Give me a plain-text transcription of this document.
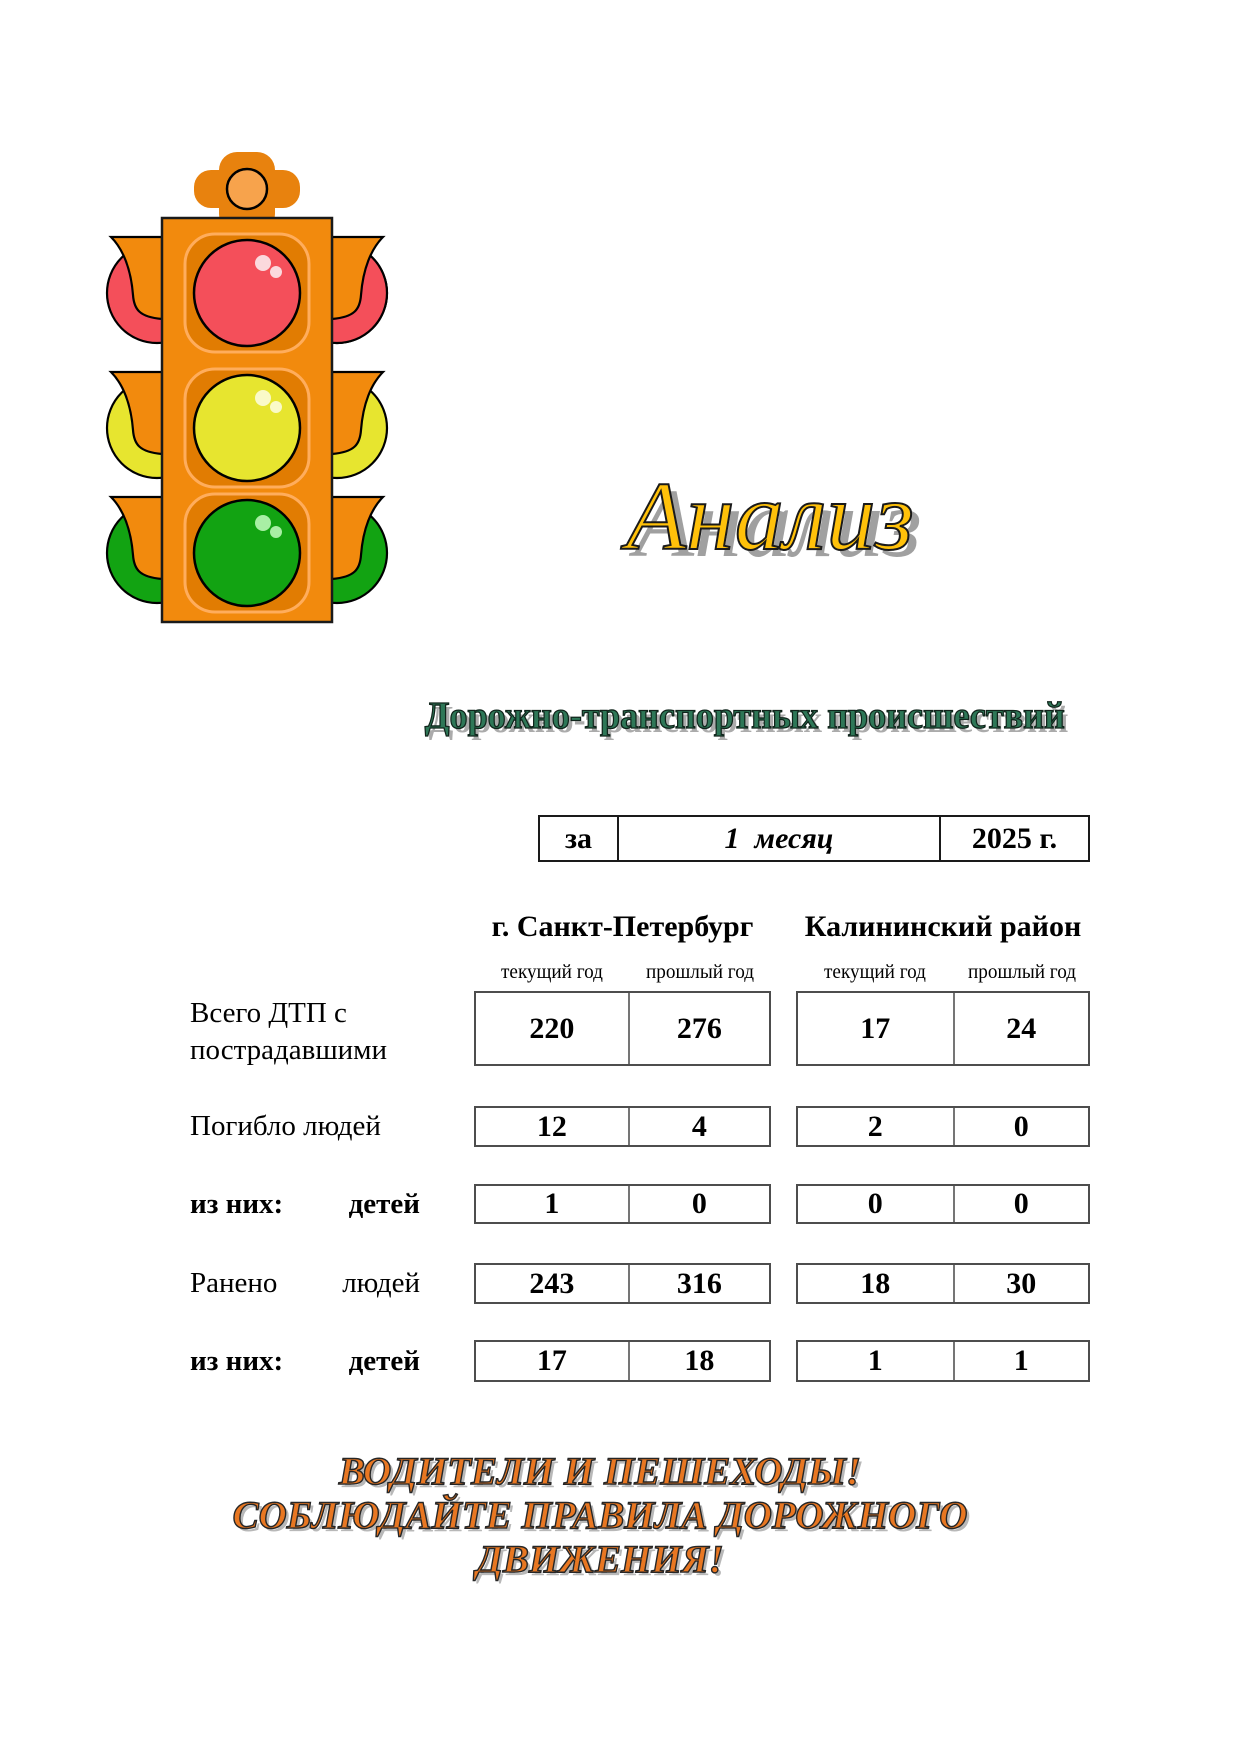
Анализ
Дорожно-транспортных происшествий
за	1  месяц	2025 г.
г. Санкт-Петербург	Калининский район
текущий год	прошлый год	текущий год	прошлый год
Всего ДТП с
пострадавшими
220	276	17	24
Погибло людей	12	4	2	0
из них: детей	1	0	0	0
Ранено людей	243	316	18	30
из них: детей	17	18	1	1
ВОДИТЕЛИ И ПЕШЕХОДЫ!
СОБЛЮДАЙТЕ ПРАВИЛА ДОРОЖНОГО
ДВИЖЕНИЯ!
